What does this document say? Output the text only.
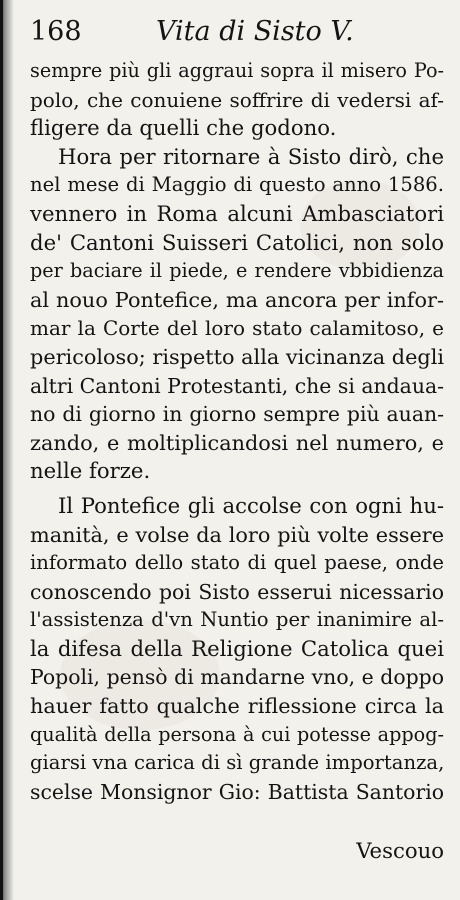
168	Vita di Sisto V.
sempre più gli aggraui sopra il misero Po-
polo, che conuiene soffrire di vedersi af-
fligere da quelli che godono.
Hora per ritornare à Sisto dirò, che
nel mese di Maggio di questo anno 1586.
vennero in Roma alcuni Ambasciatori
de' Cantoni Suisseri Catolici, non solo
per baciare il piede, e rendere vbbidienza
al nouo Pontefice, ma ancora per infor-
mar la Corte del loro stato calamitoso, e
pericoloso; rispetto alla vicinanza degli
altri Cantoni Protestanti, che si andaua-
no di giorno in giorno sempre più auan-
zando, e moltiplicandosi nel numero, e
nelle forze.
Il Pontefice gli accolse con ogni hu-
manità, e volse da loro più volte essere
informato dello stato di quel paese, onde
conoscendo poi Sisto esserui nicessario
l'assistenza d'vn Nuntio per inanimire al-
la difesa della Religione Catolica quei
Popoli, pensò di mandarne vno, e doppo
hauer fatto qualche riflessione circa la
qualità della persona à cui potesse appog-
giarsi vna carica di sì grande importanza,
scelse Monsignor Gio: Battista Santorio
Vescouo
